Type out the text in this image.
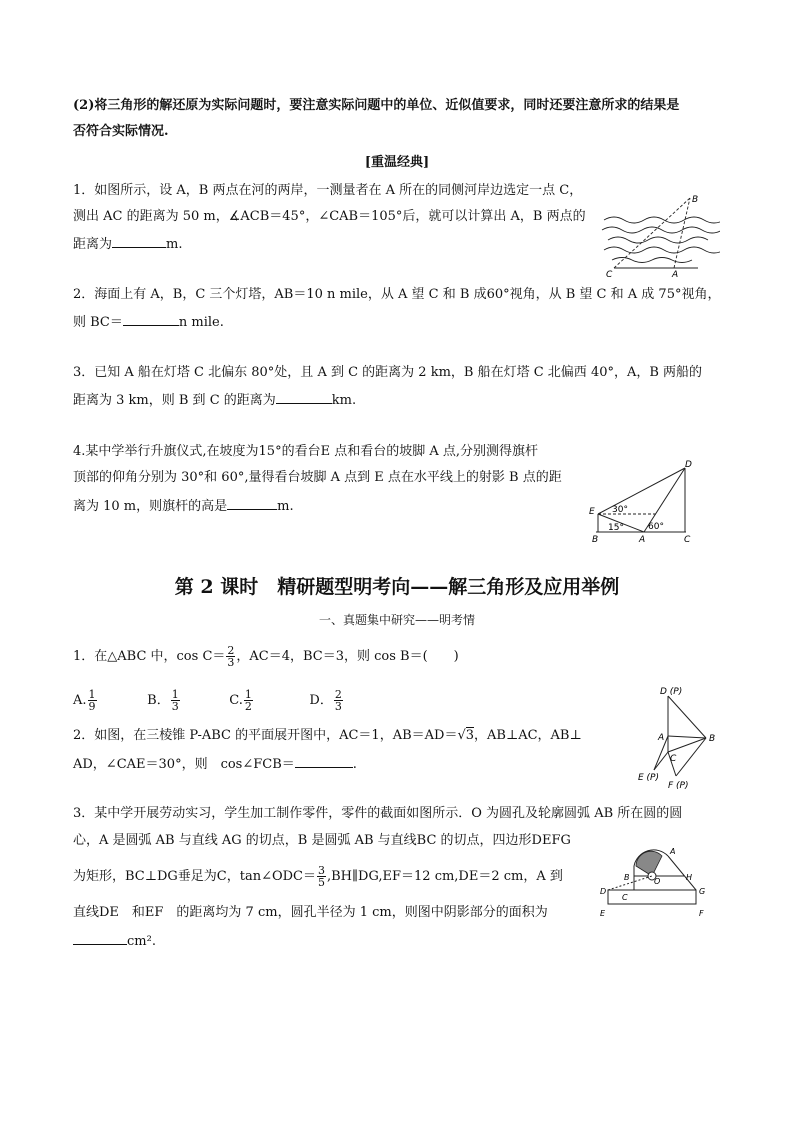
(2)将三角形的解还原为实际问题时，要注意实际问题中的单位、近似值要求，同时还要注意所求的结果是
否符合实际情况.
[重温经典]
1．如图所示，设 A，B 两点在河的两岸，一测量者在 A 所在的同侧河岸边选定一点 C，
测出 AC 的距离为 50 m，∡ACB＝45°，∠CAB＝105°后，就可以计算出 A，B 两点的
距离为	m.
B
C	A
2．海面上有 A，B，C 三个灯塔，AB＝10 n mile，从 A 望 C 和 B 成60°视角，从 B 望 C 和 A 成 75°视角，
则 BC＝	n mile.
3．已知 A 船在灯塔 C 北偏东 80°处，且 A 到 C 的距离为 2 km，B 船在灯塔 C 北偏西 40°，A，B 两船的
距离为 3 km，则 B 到 C 的距离为	km.
4.某中学举行升旗仪式,在坡度为15°的看台E 点和看台的坡脚 A 点,分别测得旗杆
顶部的仰角分别为 30°和 60°,量得看台坡脚 A 点到 E 点在水平线上的射影 B 点的距
离为 10 m，则旗杆的高是	m.
D
E
B	A	C
30°
15°	60°
第 2 课时　精研题型明考向——解三角形及应用举例
一、真题集中研究——明考情
1．在△ABC 中，$\cos C= \frac{2}{3}$ ，AC＝4，BC＝3，则 cos B＝(　　)
A. $\frac{1}{9}$	B． $\frac{1}{3}$	C. $\frac{1}{2}$	D． $\frac{2}{3}$
2．如图，在三棱锥 P-ABC 的平面展开图中，AC＝1，AB＝AD＝√3，AB⊥AC，AB⊥
AD，∠CAE＝30°，则　cos∠FCB＝	.
D (P)
A	B
C
E (P)
F (P)
3．某中学开展劳动实习，学生加工制作零件，零件的截面如图所示．O 为圆孔及轮廓圆弧 AB 所在圆的圆
心，A 是圆弧 AB 与直线 AG 的切点，B 是圆弧 AB 与直线BC 的切点，四边形DEFG
为矩形，BC⊥DG垂足为C，tan∠ODC＝ $\frac{3}{5}$ ,BH∥DG,EF＝12 cm,DE＝2 cm，A 到
直线DE　和EF　的距离均为 7 cm，圆孔半径为 1 cm，则图中阴影部分的面积为
cm².
A
B	O	H
C
D	G
E	F
